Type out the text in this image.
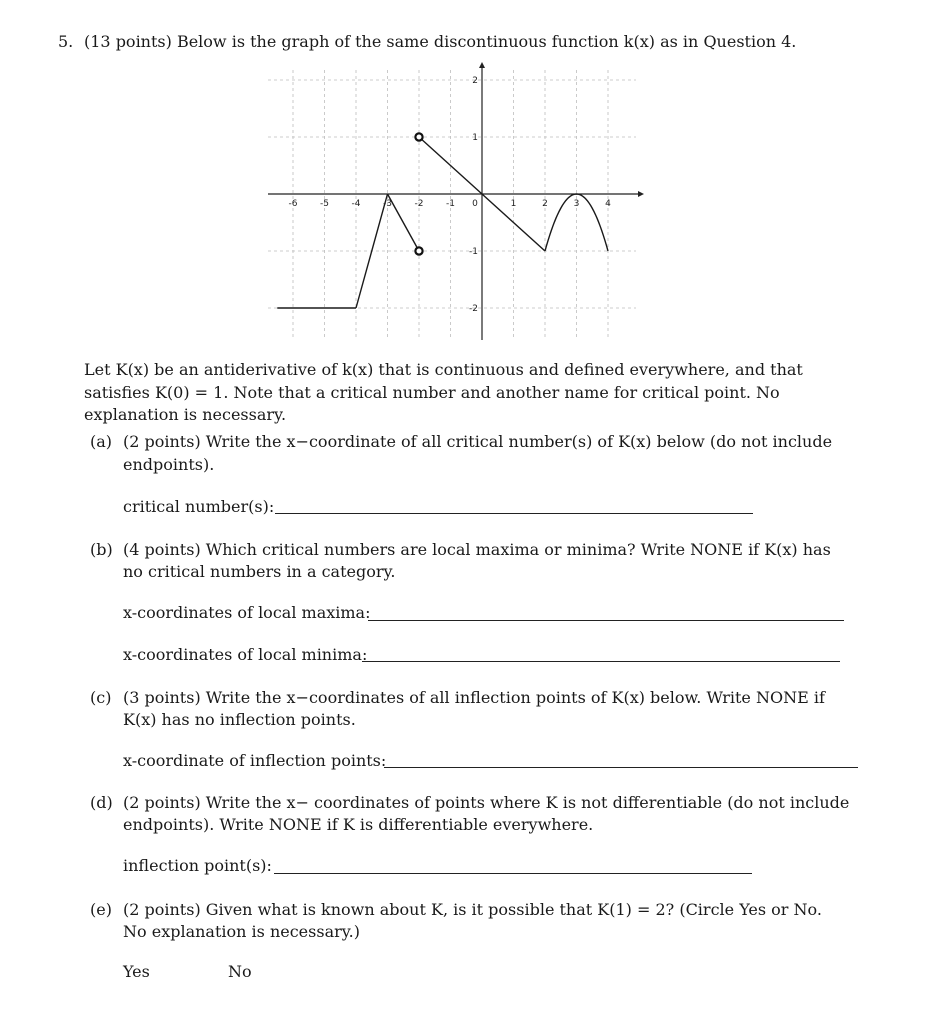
5. (13 points) Below is the graph of the same discontinuous function k(x) as in Question 4.
-6	-5	-4	-3	-2	-1 0	1	2	3	4
2
1
-1
-2
Let K(x) be an antiderivative of k(x) that is continuous and defined everywhere, and that
satisfies K(0) = 1. Note that a critical number and another name for critical point. No
explanation is necessary.
(a) (2 points) Write the x−coordinate of all critical number(s) of K(x) below (do not include
endpoints).
critical number(s):
(b) (4 points) Which critical numbers are local maxima or minima? Write NONE if K(x) has
no critical numbers in a category.
x-coordinates of local maxima:
x-coordinates of local minima:
(c) (3 points) Write the x−coordinates of all inflection points of K(x) below. Write NONE if
K(x) has no inflection points.
x-coordinate of inflection points:
(d) (2 points) Write the x− coordinates of points where K is not differentiable (do not include
endpoints). Write NONE if K is differentiable everywhere.
inflection point(s):
(e) (2 points) Given what is known about K, is it possible that K(1) = 2? (Circle Yes or No.
No explanation is necessary.)
Yes	No
